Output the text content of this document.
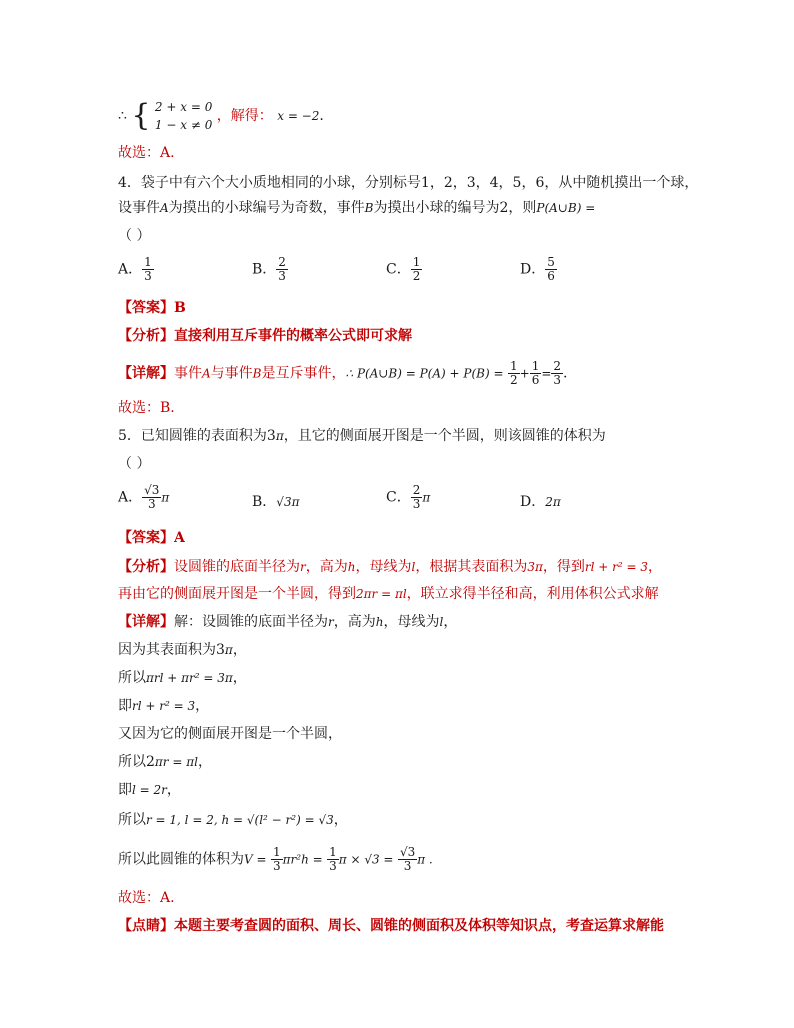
∴ { 2 + x = 0
1 − x ≠ 0
，解得： x = −2.
故选：A.
4．袋子中有六个大小质地相同的小球，分别标号1，2，3，4，5，6，从中随机摸出一个球，
设事件A为摸出的小球编号为奇数，事件B为摸出小球的编号为2，则P(A∪B) =
（ ）
A． $\frac{1}{3}$	B． $\frac{2}{3}$	C． $\frac{1}{2}$	D． $\frac{5}{6}$
【答案】B
【分析】直接利用互斥事件的概率公式即可求解
【详解】事件A与事件B是互斥事件，∴ P(A∪B) = $P(A) + P(B) = \frac{1}{2} + \frac{1}{6} = \frac{2}{3}$ .
故选：B.
5．已知圆锥的表面积为3π，且它的侧面展开图是一个半圆，则该圆锥的体积为
（ ）
A． $\frac{√3}{3}$ π	B．√3π	C． $\frac{2}{3}$ π	D．2π
【答案】A
【分析】设圆锥的底面半径为r，高为h，母线为l，根据其表面积为3π，得到rl + r² = 3，
再由它的侧面展开图是一个半圆，得到2πr = πl，联立求得半径和高，利用体积公式求解
【详解】解：设圆锥的底面半径为r，高为h，母线为l，
因为其表面积为3π，
所以πrl + πr² = 3π，
即rl + r² = 3，
又因为它的侧面展开图是一个半圆，
所以2πr = πl，
即l = 2r，
所以r = 1, l = 2, h = √(l² − r²) = √3，
所以此圆锥的体积为$V = \frac{1}{3} \pi r^2h = \frac{1}{3}$ $\pi \times √3 = \frac{√3}{3}$ π .
故选：A.
【点睛】本题主要考查圆的面积、周长、圆锥的侧面积及体积等知识点，考查运算求解能
